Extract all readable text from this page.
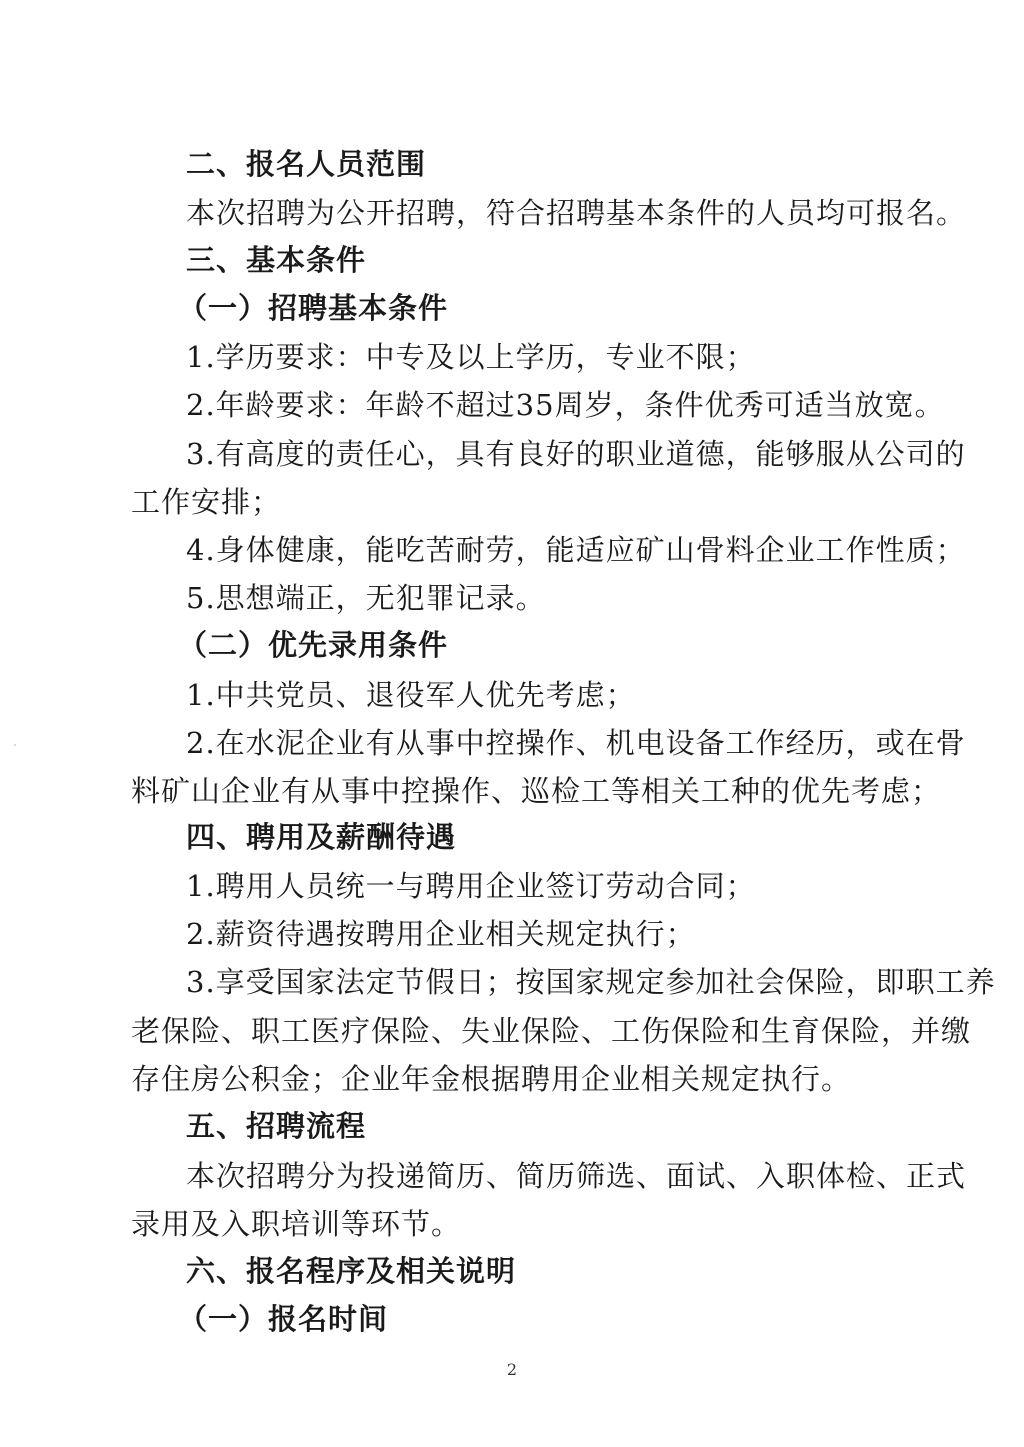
二、报名人员范围
本次招聘为公开招聘，符合招聘基本条件的人员均可报名。
三、基本条件
（一）招聘基本条件
1.学历要求：中专及以上学历，专业不限；
2.年龄要求：年龄不超过35周岁，条件优秀可适当放宽。
3.有高度的责任心，具有良好的职业道德，能够服从公司的
工作安排；
4.身体健康，能吃苦耐劳，能适应矿山骨料企业工作性质；
5.思想端正，无犯罪记录。
（二）优先录用条件
1.中共党员、退役军人优先考虑；
2.在水泥企业有从事中控操作、机电设备工作经历，或在骨
料矿山企业有从事中控操作、巡检工等相关工种的优先考虑；
四、聘用及薪酬待遇
1.聘用人员统一与聘用企业签订劳动合同；
2.薪资待遇按聘用企业相关规定执行；
3.享受国家法定节假日；按国家规定参加社会保险，即职工养
老保险、职工医疗保险、失业保险、工伤保险和生育保险，并缴
存住房公积金；企业年金根据聘用企业相关规定执行。
五、招聘流程
本次招聘分为投递简历、简历筛选、面试、入职体检、正式
录用及入职培训等环节。
六、报名程序及相关说明
（一）报名时间
2
